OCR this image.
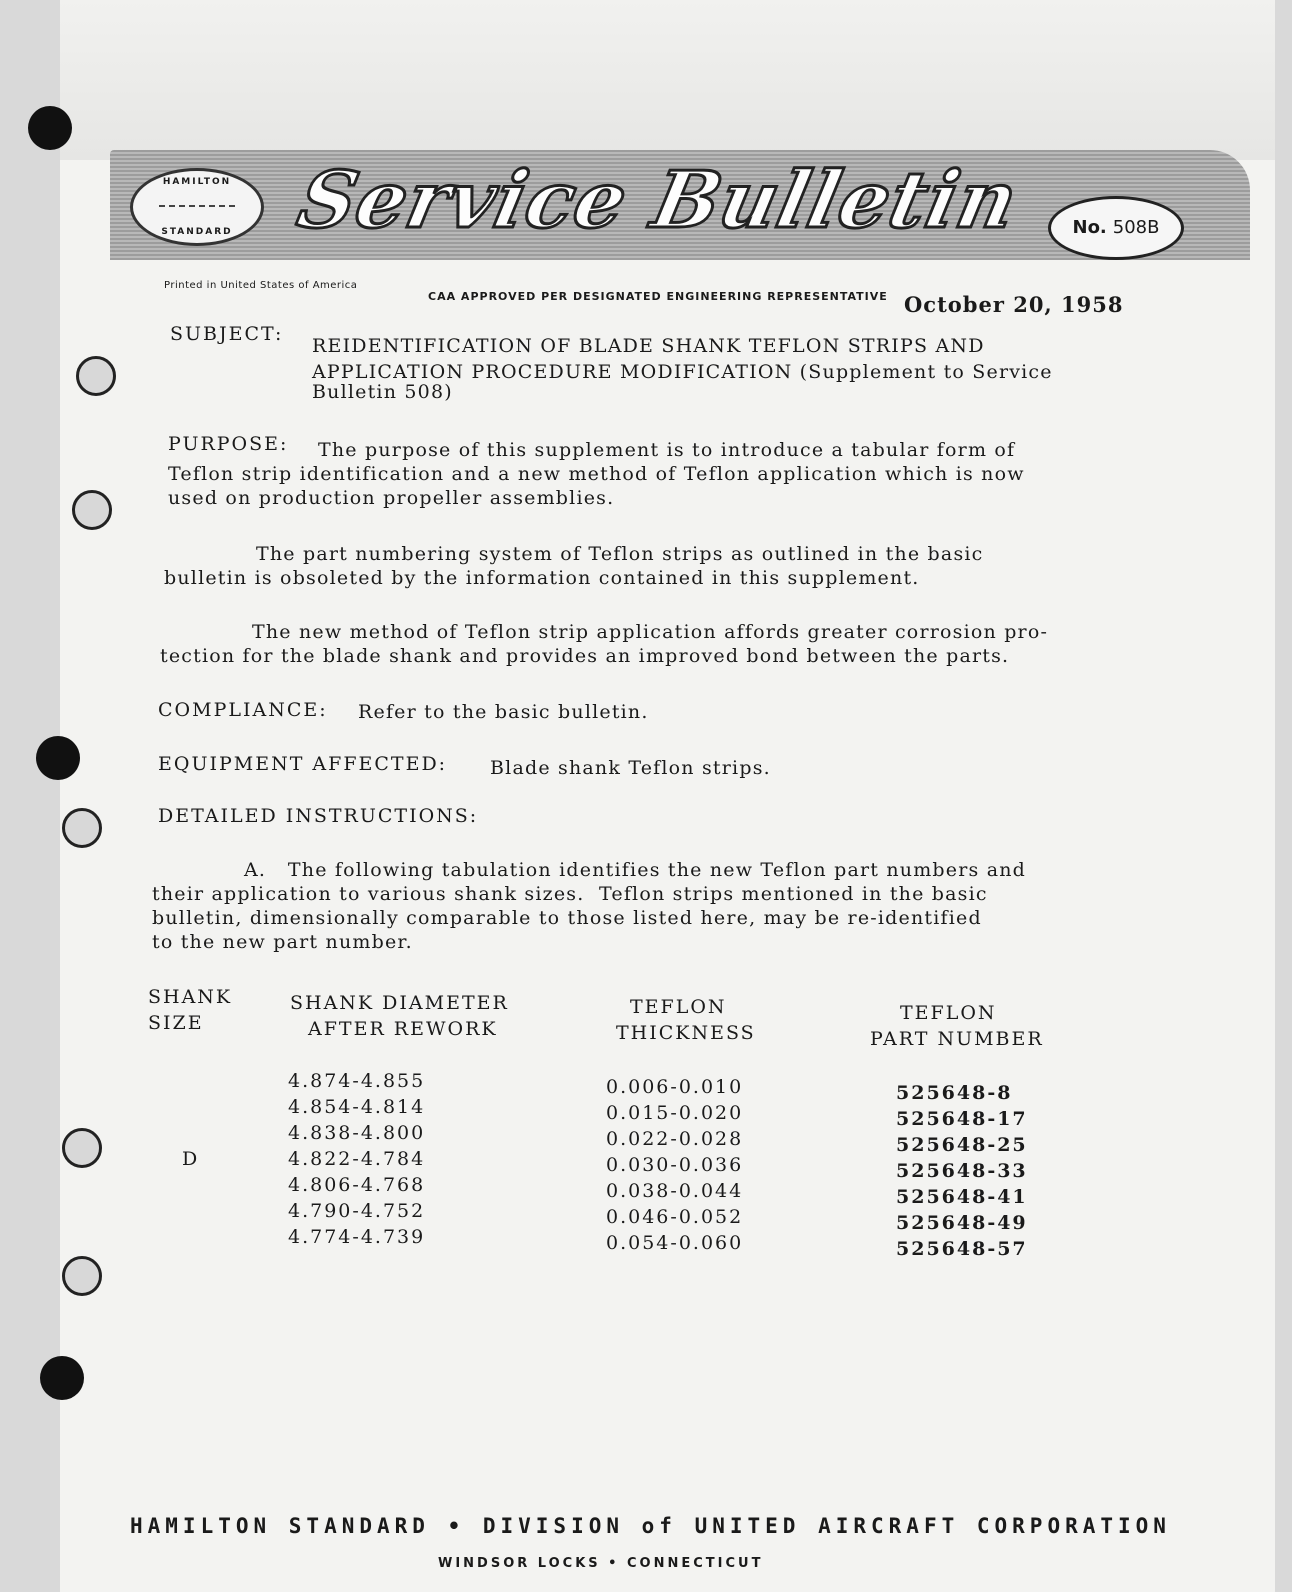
HAMILTON
STANDARD Service Bulletin	No. 508B
Printed in United States of America
CAA APPROVED PER DESIGNATED ENGINEERING REPRESENTATIVE October 20, 1958
SUBJECT:
REIDENTIFICATION OF BLADE SHANK TEFLON STRIPS AND
APPLICATION PROCEDURE MODIFICATION (Supplement to Service
Bulletin 508)
PURPOSE: The purpose of this supplement is to introduce a tabular form of
Teflon strip identification and a new method of Teflon application which is now
used on production propeller assemblies.
The part numbering system of Teflon strips as outlined in the basic
bulletin is obsoleted by the information contained in this supplement.
The new method of Teflon strip application affords greater corrosion pro-
tection for the blade shank and provides an improved bond between the parts.
COMPLIANCE: Refer to the basic bulletin.
EQUIPMENT AFFECTED: Blade shank Teflon strips.
DETAILED INSTRUCTIONS:
A.   The following tabulation identifies the new Teflon part numbers and
their application to various shank sizes.  Teflon strips mentioned in the basic
bulletin, dimensionally comparable to those listed here, may be re-identified
to the new part number.
SHANK
SIZE
SHANK DIAMETER
AFTER REWORK
TEFLON
THICKNESS
TEFLON
PART NUMBER
D
4.874-4.855
4.854-4.814
4.838-4.800
4.822-4.784
4.806-4.768
4.790-4.752
4.774-4.739
0.006-0.010
0.015-0.020
0.022-0.028
0.030-0.036
0.038-0.044
0.046-0.052
0.054-0.060
525648-8
525648-17
525648-25
525648-33
525648-41
525648-49
525648-57
HAMILTON STANDARD • DIVISION of UNITED AIRCRAFT CORPORATION
WINDSOR LOCKS • CONNECTICUT
